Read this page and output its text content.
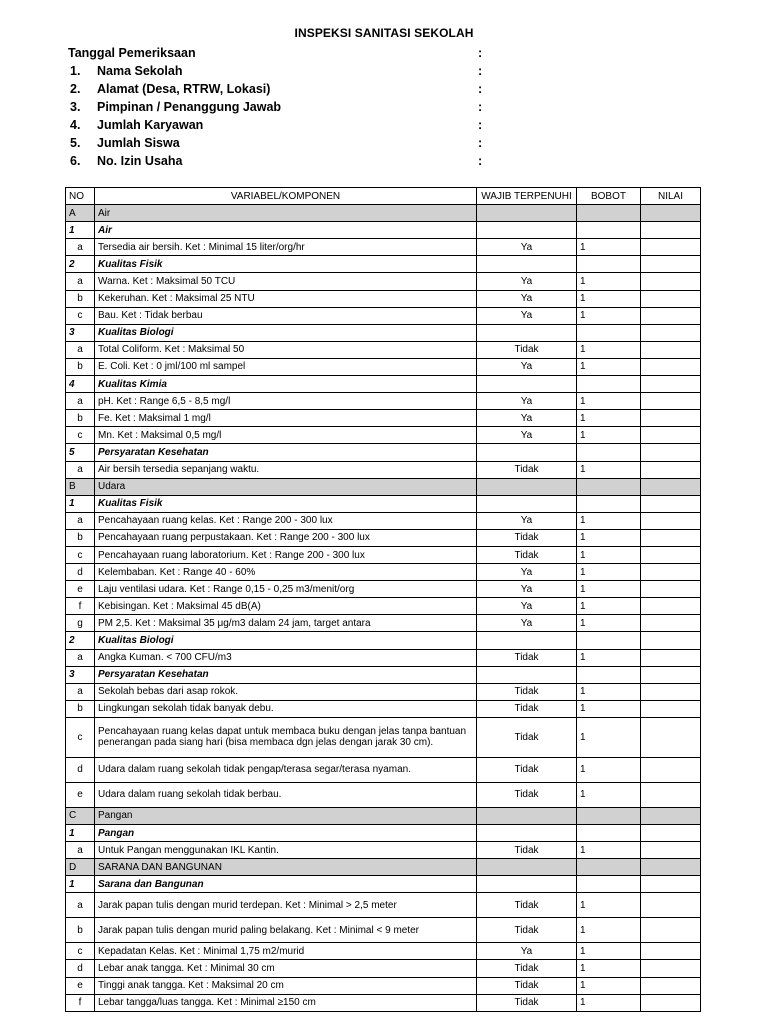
INSPEKSI SANITASI SEKOLAH
Tanggal Pemeriksaan	:
1. Nama Sekolah	:
2. Alamat (Desa, RTRW, Lokasi)	:
3. Pimpinan / Penanggung Jawab	:
4. Jumlah Karyawan	:
5. Jumlah Siswa	:
6. No. Izin Usaha	:
NO	VARIABEL/KOMPONEN	WAJIB TERPENUHI	BOBOT	NILAI
A	Air			
1	Air			
a	Tersedia air bersih. Ket : Minimal 15 liter/org/hr	Ya	1	
2	Kualitas Fisik			
a	Warna. Ket : Maksimal 50 TCU	Ya	1	
b	Kekeruhan. Ket : Maksimal 25 NTU	Ya	1	
c	Bau. Ket : Tidak berbau	Ya	1	
3	Kualitas Biologi			
a	Total Coliform. Ket : Maksimal 50	Tidak	1	
b	E. Coli. Ket : 0 jml/100 ml sampel	Ya	1	
4	Kualitas Kimia			
a	pH. Ket : Range 6,5 - 8,5 mg/l	Ya	1	
b	Fe. Ket : Maksimal 1 mg/l	Ya	1	
c	Mn. Ket : Maksimal 0,5 mg/l	Ya	1	
5	Persyaratan Kesehatan			
a	Air bersih tersedia sepanjang waktu.	Tidak	1	
B	Udara			
1	Kualitas Fisik			
a	Pencahayaan ruang kelas. Ket : Range 200 - 300 lux	Ya	1	
b	Pencahayaan ruang perpustakaan. Ket : Range 200 - 300 lux	Tidak	1	
c	Pencahayaan ruang laboratorium. Ket : Range 200 - 300 lux	Tidak	1	
d	Kelembaban. Ket : Range 40 - 60%	Ya	1	
e	Laju ventilasi udara. Ket : Range 0,15 - 0,25 m3/menit/org	Ya	1	
f	Kebisingan. Ket : Maksimal 45 dB(A)	Ya	1	
g	PM 2,5. Ket : Maksimal 35 μg/m3 dalam 24 jam, target antara	Ya	1	
2	Kualitas Biologi			
a	Angka Kuman. < 700 CFU/m3	Tidak	1	
3	Persyaratan Kesehatan			
a	Sekolah bebas dari asap rokok.	Tidak	1	
b	Lingkungan sekolah tidak banyak debu.	Tidak	1	
c	Pencahayaan ruang kelas dapat untuk membaca buku dengan jelas tanpa bantuan penerangan pada siang hari (bisa membaca dgn jelas dengan jarak 30 cm).	Tidak	1	
d	Udara dalam ruang sekolah tidak pengap/terasa segar/terasa nyaman.	Tidak	1	
e	Udara dalam ruang sekolah tidak berbau.	Tidak	1	
C	Pangan			
1	Pangan			
a	Untuk Pangan menggunakan IKL Kantin.	Tidak	1	
D	SARANA DAN BANGUNAN			
1	Sarana dan Bangunan			
a	Jarak papan tulis dengan murid terdepan. Ket : Minimal > 2,5 meter	Tidak	1	
b	Jarak papan tulis dengan murid paling belakang. Ket : Minimal < 9 meter	Tidak	1	
c	Kepadatan Kelas. Ket : Minimal 1,75 m2/murid	Ya	1	
d	Lebar anak tangga. Ket : Minimal 30 cm	Tidak	1	
e	Tinggi anak tangga. Ket : Maksimal 20 cm	Tidak	1	
f	Lebar tangga/luas tangga. Ket : Minimal ≥150 cm	Tidak	1	
